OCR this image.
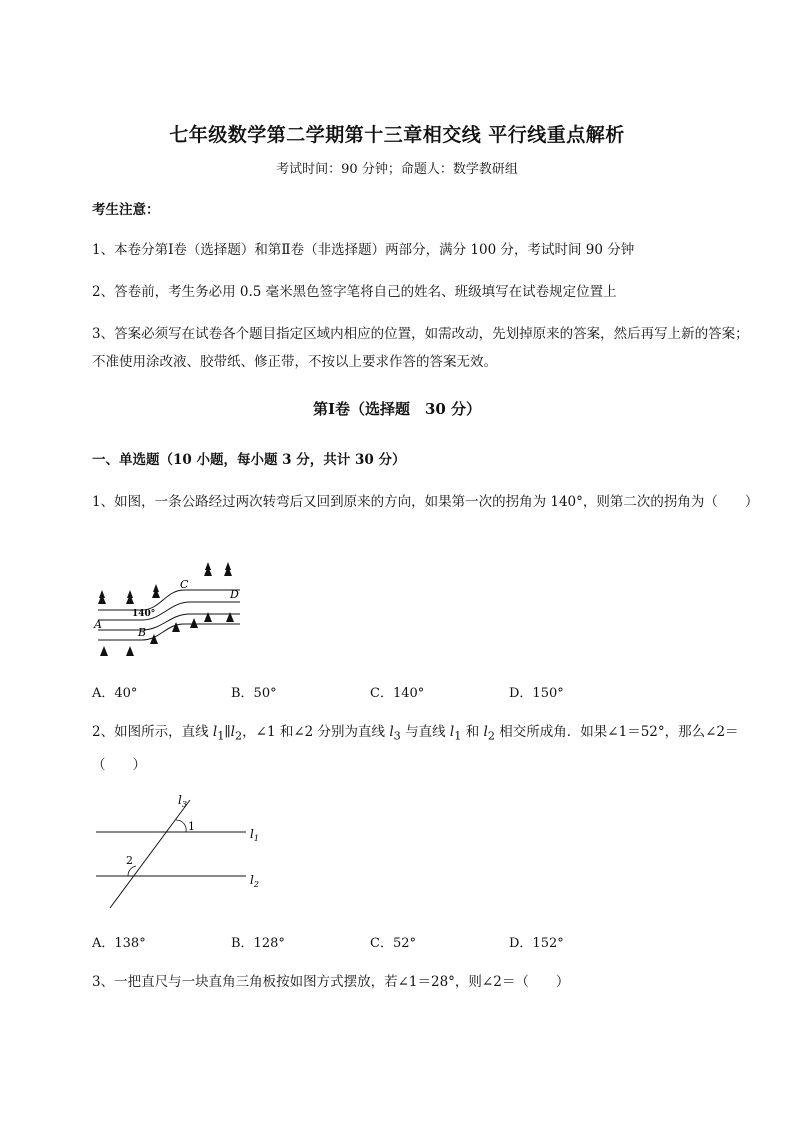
七年级数学第二学期第十三章相交线 平行线重点解析
考试时间：90 分钟；命题人：数学教研组
考生注意：
1、本卷分第Ⅰ卷（选择题）和第Ⅱ卷（非选择题）两部分，满分 100 分，考试时间 90 分钟
2、答卷前，考生务必用 0.5 毫米黑色签字笔将自己的姓名、班级填写在试卷规定位置上
3、答案必须写在试卷各个题目指定区域内相应的位置，如需改动，先划掉原来的答案，然后再写上新的答案；不准使用涂改液、胶带纸、修正带，不按以上要求作答的答案无效。
第Ⅰ卷（选择题　30 分）
一、单选题（10 小题，每小题 3 分，共计 30 分）
1、如图，一条公路经过两次转弯后又回到原来的方向，如果第一次的拐角为 140°，则第二次的拐角为（　　）
140°
A
B
C
D
A．40°	B．50°	C．140°	D．150°
2、如图所示，直线 $l_1\parallel l_2$，∠1 和∠2 分别为直线 $l_3$ 与直线 $l_1$ 和 $l_2$ 相交所成角．如果∠1＝52°，那么∠2＝（　　）
1
2
$l_3$
$l_1$
$l_2$
A．138°	B．128°	C．52°	D．152°
3、一把直尺与一块直角三角板按如图方式摆放，若∠1＝28°，则∠2＝（　　）
